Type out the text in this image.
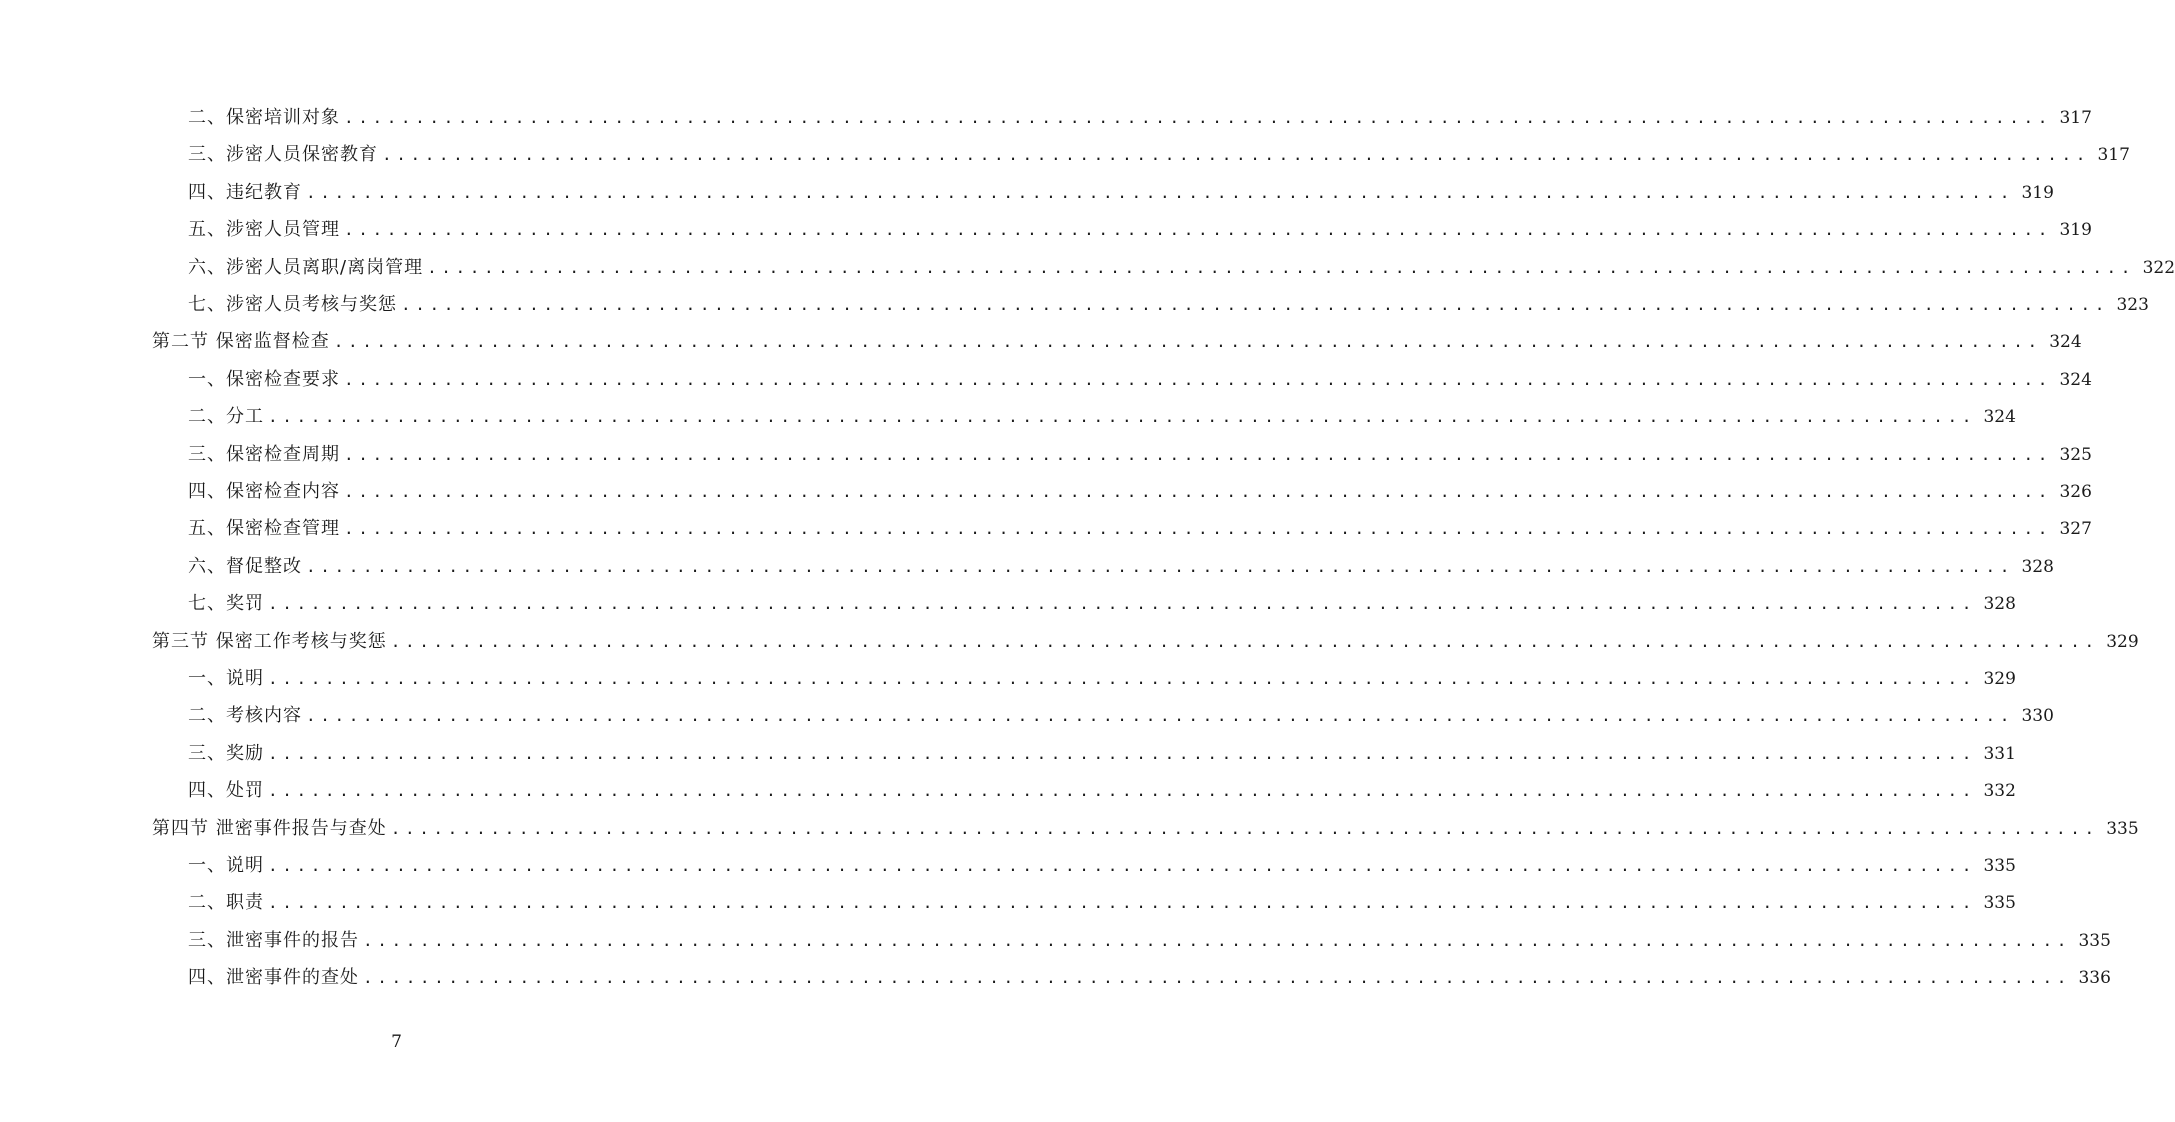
二、保密培训对象 ........................................................................................................................ 317
三、涉密人员保密教育 ........................................................................................................................ 317
四、违纪教育 ........................................................................................................................ 319
五、涉密人员管理 ........................................................................................................................ 319
六、涉密人员离职/离岗管理 ........................................................................................................................ 322
七、涉密人员考核与奖惩 ........................................................................................................................ 323
第二节 保密监督检查 ........................................................................................................................ 324
一、保密检查要求 ........................................................................................................................ 324
二、分工 ........................................................................................................................ 324
三、保密检查周期 ........................................................................................................................ 325
四、保密检查内容 ........................................................................................................................ 326
五、保密检查管理 ........................................................................................................................ 327
六、督促整改 ........................................................................................................................ 328
七、奖罚 ........................................................................................................................ 328
第三节 保密工作考核与奖惩 ........................................................................................................................ 329
一、说明 ........................................................................................................................ 329
二、考核内容 ........................................................................................................................ 330
三、奖励 ........................................................................................................................ 331
四、处罚 ........................................................................................................................ 332
第四节 泄密事件报告与查处 ........................................................................................................................ 335
一、说明 ........................................................................................................................ 335
二、职责 ........................................................................................................................ 335
三、泄密事件的报告 ........................................................................................................................ 335
四、泄密事件的查处 ........................................................................................................................ 336
7
